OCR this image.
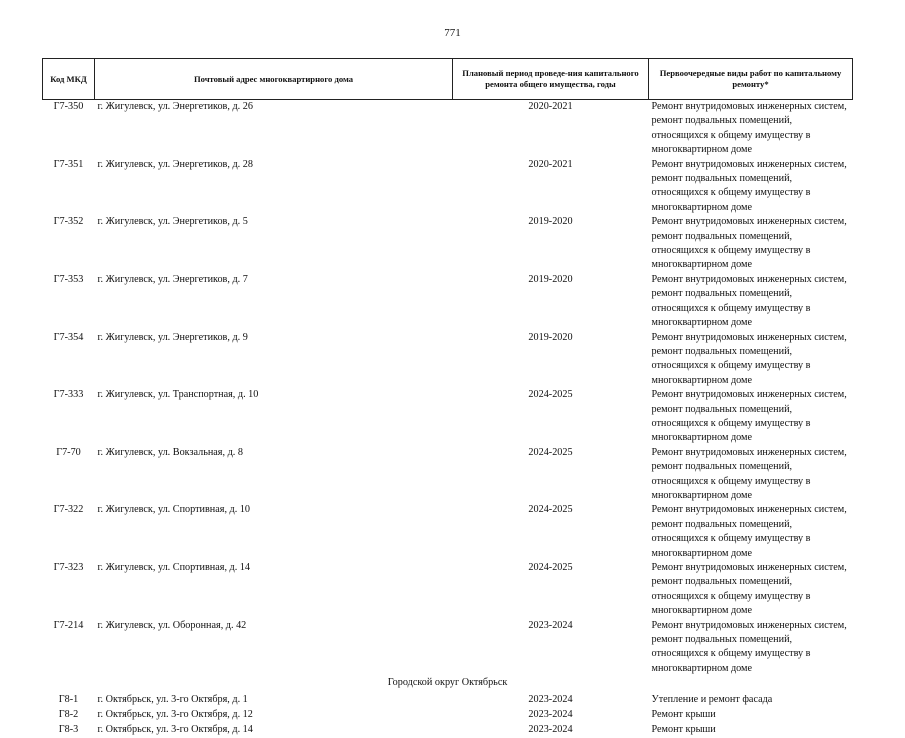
771
Код МКД	Почтовый адрес многоквартирного дома	Плановый период проведе-ния капитального ремонта общего имущества, годы	Первоочередные виды работ по капитальному ремонту*
Г7-350	г. Жигулевск, ул. Энергетиков, д. 26	2020-2021	Ремонт внутридомовых инженерных систем, ремонт подвальных помещений, относящихся к общему имуществу в многоквартирном доме
Г7-351	г. Жигулевск, ул. Энергетиков, д. 28	2020-2021	Ремонт внутридомовых инженерных систем, ремонт подвальных помещений, относящихся к общему имуществу в многоквартирном доме
Г7-352	г. Жигулевск, ул. Энергетиков, д. 5	2019-2020	Ремонт внутридомовых инженерных систем, ремонт подвальных помещений, относящихся к общему имуществу в многоквартирном доме
Г7-353	г. Жигулевск, ул. Энергетиков, д. 7	2019-2020	Ремонт внутридомовых инженерных систем, ремонт подвальных помещений, относящихся к общему имуществу в многоквартирном доме
Г7-354	г. Жигулевск, ул. Энергетиков, д. 9	2019-2020	Ремонт внутридомовых инженерных систем, ремонт подвальных помещений, относящихся к общему имуществу в многоквартирном доме
Г7-333	г. Жигулевск, ул. Транспортная, д. 10	2024-2025	Ремонт внутридомовых инженерных систем, ремонт подвальных помещений, относящихся к общему имуществу в многоквартирном доме
Г7-70	г. Жигулевск, ул. Вокзальная, д. 8	2024-2025	Ремонт внутридомовых инженерных систем, ремонт подвальных помещений, относящихся к общему имуществу в многоквартирном доме
Г7-322	г. Жигулевск, ул. Спортивная, д. 10	2024-2025	Ремонт внутридомовых инженерных систем, ремонт подвальных помещений, относящихся к общему имуществу в многоквартирном доме
Г7-323	г. Жигулевск, ул. Спортивная, д. 14	2024-2025	Ремонт внутридомовых инженерных систем, ремонт подвальных помещений, относящихся к общему имуществу в многоквартирном доме
Г7-214	г. Жигулевск, ул. Оборонная, д. 42	2023-2024	Ремонт внутридомовых инженерных систем, ремонт подвальных помещений, относящихся к общему имуществу в многоквартирном доме
Городской округ Октябрьск			
Г8-1	г. Октябрьск, ул. 3-го Октября, д. 1	2023-2024	Утепление и ремонт фасада
Г8-2	г. Октябрьск, ул. 3-го Октября, д. 12	2023-2024	Ремонт крыши
Г8-3	г. Октябрьск, ул. 3-го Октября, д. 14	2023-2024	Ремонт крыши
